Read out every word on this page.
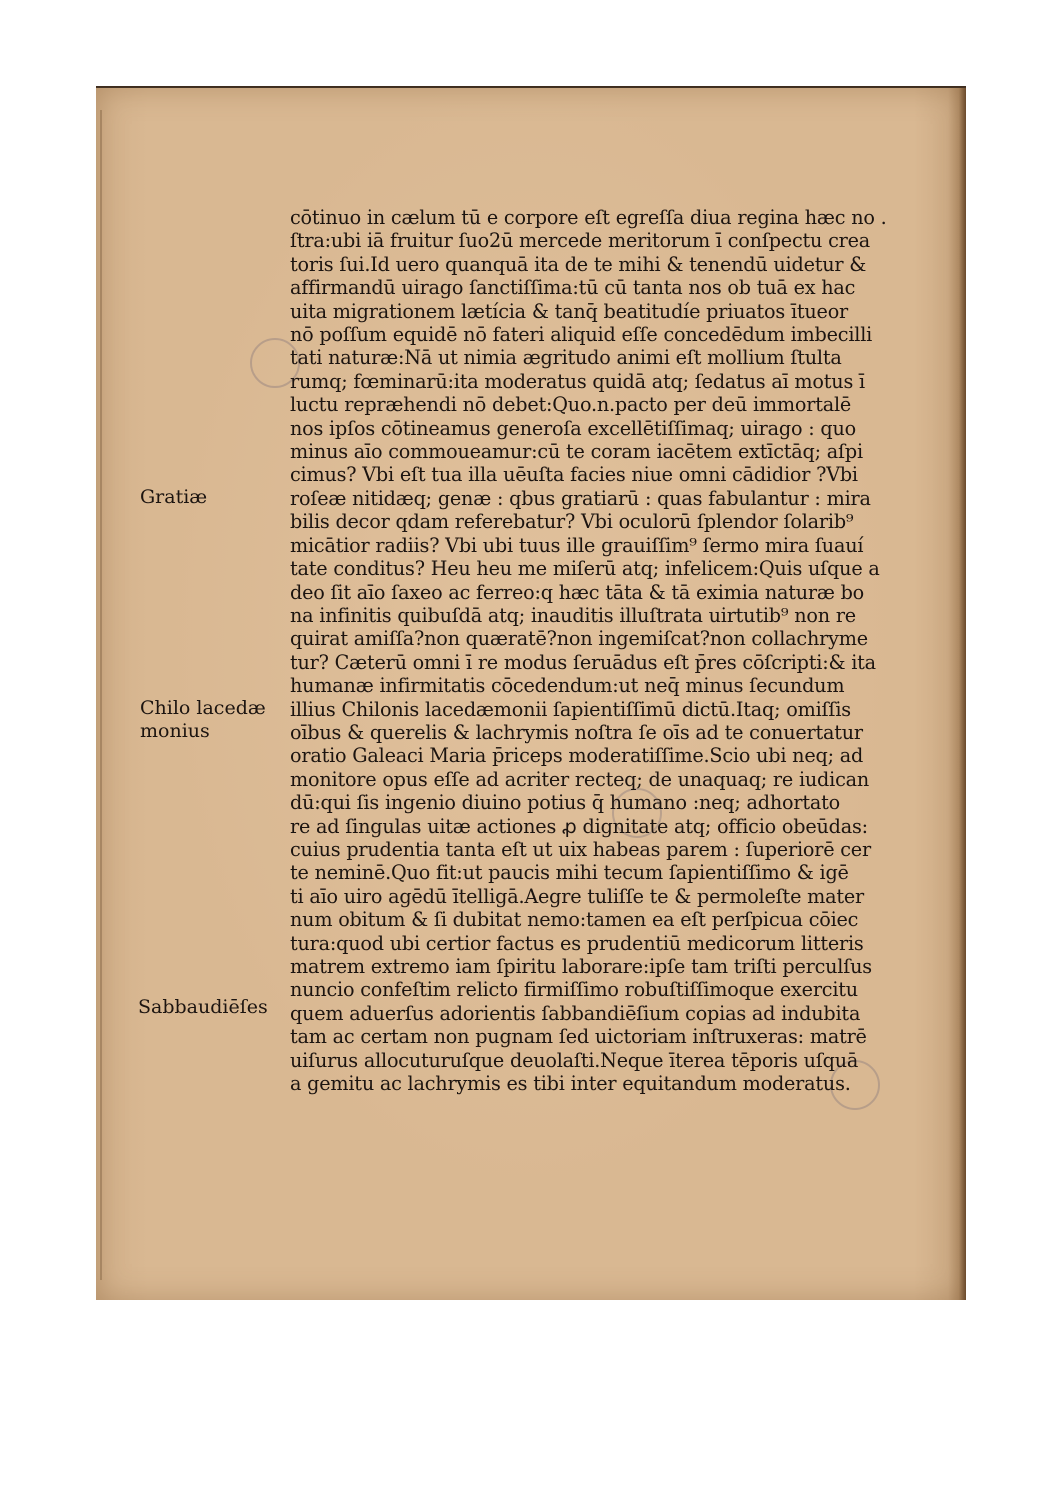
cōtinuo in cælum tū e corpore eſt egreſſa diua regina hæc no .
ſtra:ubi iā fruitur ſuo2ū mercede meritorum ī conſpectu crea
toris ſui.Id uero quanquā ita de te mihi & tenendū uidetur &
affirmandū uirago ſanctiſſima:tū cū tanta nos ob tuā ex hac
uita migrationem lætícia & tanq̄ beatitudíe priuatos ītueor
nō poſſum equidē nō fateri aliquid eſſe concedēdum imbecilli
tati naturæ:Nā ut nimia ægritudo animi eſt mollium ſtulta
rumq; fœminarū:ita moderatus quidā atq; ſedatus aī motus ī
luctu repræhendi nō debet:Quo.n.pacto per deū immortalē
nos ipſos cōtineamus generoſa excellētiſſimaq; uirago : quo
minus aīo commoueamur:cū te coram iacētem extīctāq; aſpi
cimus? Vbi eſt tua illa uēuſta facies niue omni cādidior ?Vbi
roſeæ nitidæq; genæ : qbus gratiarū : quas fabulantur : mira
bilis decor qdam referebatur? Vbi oculorū ſplendor ſolarib⁹
micātior radiis? Vbi ubi tuus ille grauiſſim⁹ ſermo mira ſuauí
tate conditus? Heu heu me miſerū atq; infelicem:Quis uſque a
deo ſit aīo ſaxeo ac ferreo:q hæc tāta & tā eximia naturæ bo
na infinitis quibuſdā atq; inauditis illuſtrata uirtutib⁹ non re
quirat amiſſa?non quæratē?non ingemiſcat?non collachryme
tur? Cæterū omni ī re modus ſeruādus eſt p̄res cōſcripti:& ita
humanæ infirmitatis cōcedendum:ut neq̄ minus ſecundum
illius Chilonis lacedæmonii ſapientiſſimū dictū.Itaq; omiſſis
oībus & querelis & lachrymis noſtra ſe oīs ad te conuertatur
oratio Galeaci Maria p̄riceps moderatiſſime.Scio ubi neq; ad
monitore opus eſſe ad acriter recteq; de unaquaq; re iudican
dū:qui ſis ingenio diuino potius q̄ humano :neq; adhortato
re ad ſingulas uitæ actiones ꝓ dignitate atq; officio obeūdas:
cuius prudentia tanta eſt ut uix habeas parem : ſuperiorē cer
te neminē.Quo fit:ut paucis mihi tecum ſapientiſſimo & igē
ti aīo uiro agēdū ītelligā.Aegre tuliſſe te & permoleſte mater
num obitum & ſi dubitat nemo:tamen ea eſt perſpicua cōiec
tura:quod ubi certior factus es prudentiū medicorum litteris
matrem extremo iam ſpiritu laborare:ipſe tam triſti perculſus
nuncio confeſtim relicto firmiſſimo robuſtiſſimoque exercitu
quem aduerſus adorientis ſabbandiēſium copias ad indubita
tam ac certam non pugnam ſed uictoriam inſtruxeras: matrē
uiſurus allocuturuſque deuolaſti.Neque īterea tēporis uſquā
a gemitu ac lachrymis es tibi inter equitandum moderatus.
Gratiæ
Chilo lacedæ
monius
Sabbaudiēſes
